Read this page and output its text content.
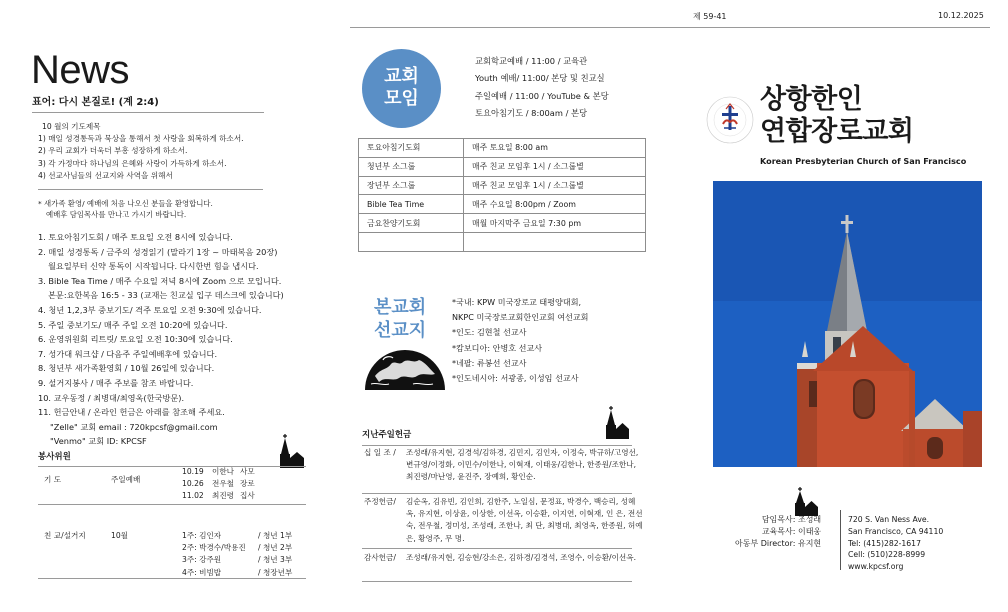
제 59-41	10.12.2025
News
표어: 다시 본질로! (계 2:4)
10 월의 기도제목
1) 매일 성경통독과 묵상을 통해서 첫 사랑을 회복하게 하소서.
2) 우리 교회가 더욱더 부흥 성장하게 하소서.
3) 각 가정마다 하나님의 은혜와 사랑이 가득하게 하소서.
4) 선교사님들의 선교지와 사역을 위해서
* 새가족 환영/ 예배에 처음 나오신 분들을 환영합니다.
예배후 담임목사를 만나고 가시기 바랍니다.
1. 토요아침기도회 / 매주 토요일 오전 8시에 있습니다.
2. 매일 성경통독 / 금주의 성경읽기 (말라기 1장 ~ 마태복음 20장)
월요일부터 신약 통독이 시작됩니다. 다시한번 힘을 냅시다.
3. Bible Tea Time / 매주 수요일 저녁 8시에 Zoom 으로 모입니다.
본문:요한복음 16:5 - 33 (교재는 친교실 입구 데스크에 있습니다)
4. 청년 1,2,3부 중보기도/ 격주 토요일 오전 9:30에 있습니다.
5. 주일 중보기도/ 매주 주일 오전 10:20에 있습니다.
6. 운영위원회 리트릿/ 토요일 오전 10:30에 있습니다.
7. 성가대 워크샵 / 다음주 주일예배후에 있습니다.
8. 청년부 새가족환영회 / 10월 26일에 있습니다.
9. 설거지봉사 / 매주 주보를 참조 바랍니다.
10. 교우동정 / 최병대/최영옥(한국방문).
11. 헌금안내 / 온라인 헌금은 아래를 참조해 주세요.
"Zelle" 교회 email : 720kpcsf@gmail.com
"Venmo" 교회 ID: KPCSF
봉사위원
기 도	주일예배
10.19 이한나 사모
10.26 전우철 장로
11.02 최진령 집사
친 교/설거지	10월	1주: 김인자	/ 청년 1부
2주: 박경수/박용진 / 청년 2부
3주: 강주원	/ 청년 3부
4주: 비빔밥	/ 청장년부
교회
모임
교회학교예배 / 11:00 / 교육관
Youth 예배/ 11:00/ 본당 및 친교실
주일예배 / 11:00 / YouTube & 본당
토요아침기도 / 8:00am / 본당
토요아침기도회	매주 토요일 8:00 am
청년부 소그룹	매주 친교 모임후 1시 / 소그룹별
장년부 소그룹	매주 친교 모임후 1시 / 소그룹별
Bible Tea Time	매주 수요일 8:00pm / Zoom
금요찬양기도회	매월 마지막주 금요일 7:30 pm

본교회
선교지
*국내: KPW 미국장로교 태평양대회,
NKPC 미국장로교회한인교회 여선교회
*인도: 김현철 선교사
*캄보디아: 안병호 선교사
*네팔: 류봉선 선교사
*인도네시아: 서광종, 이성임 선교사
지난주일헌금
십 일 조 / 조성래/유지현, 김경석/김하경, 김민지, 김인자, 이정숙, 박규하/고영선, 변규영/이정화, 이민수/이한나, 이혁재, 이태웅/김한나, 한종원/조한나, 최진령/마난영, 윤진주, 장예희, 황인순.
주정헌금/ 김순옥, 김유빈, 김인희, 김한주, 노일심, 문정표, 박경수, 백승리, 성혜옥, 유지현, 이상윤, 이상한, 이선옥, 이승환, 이지연, 이혁재, 인 은, 전선숙, 전우철, 정미성, 조성래, 조한나, 최 단, 최병대, 최영옥, 한종원, 허예은, 황영주, 무 명.
감사헌금/ 조성래/유지현, 김승현/강소은, 김하경/김경석, 조영수, 이승환/이선옥.
상항한인
연합장로교회
Korean Presbyterian Church of San Francisco
담임목사: 조성래
교육목사: 이태웅
아동부 Director: 유지현
720 S. Van Ness Ave.
San Francisco, CA 94110
Tel: (415)282-1617
Cell: (510)228-8999
www.kpcsf.org
